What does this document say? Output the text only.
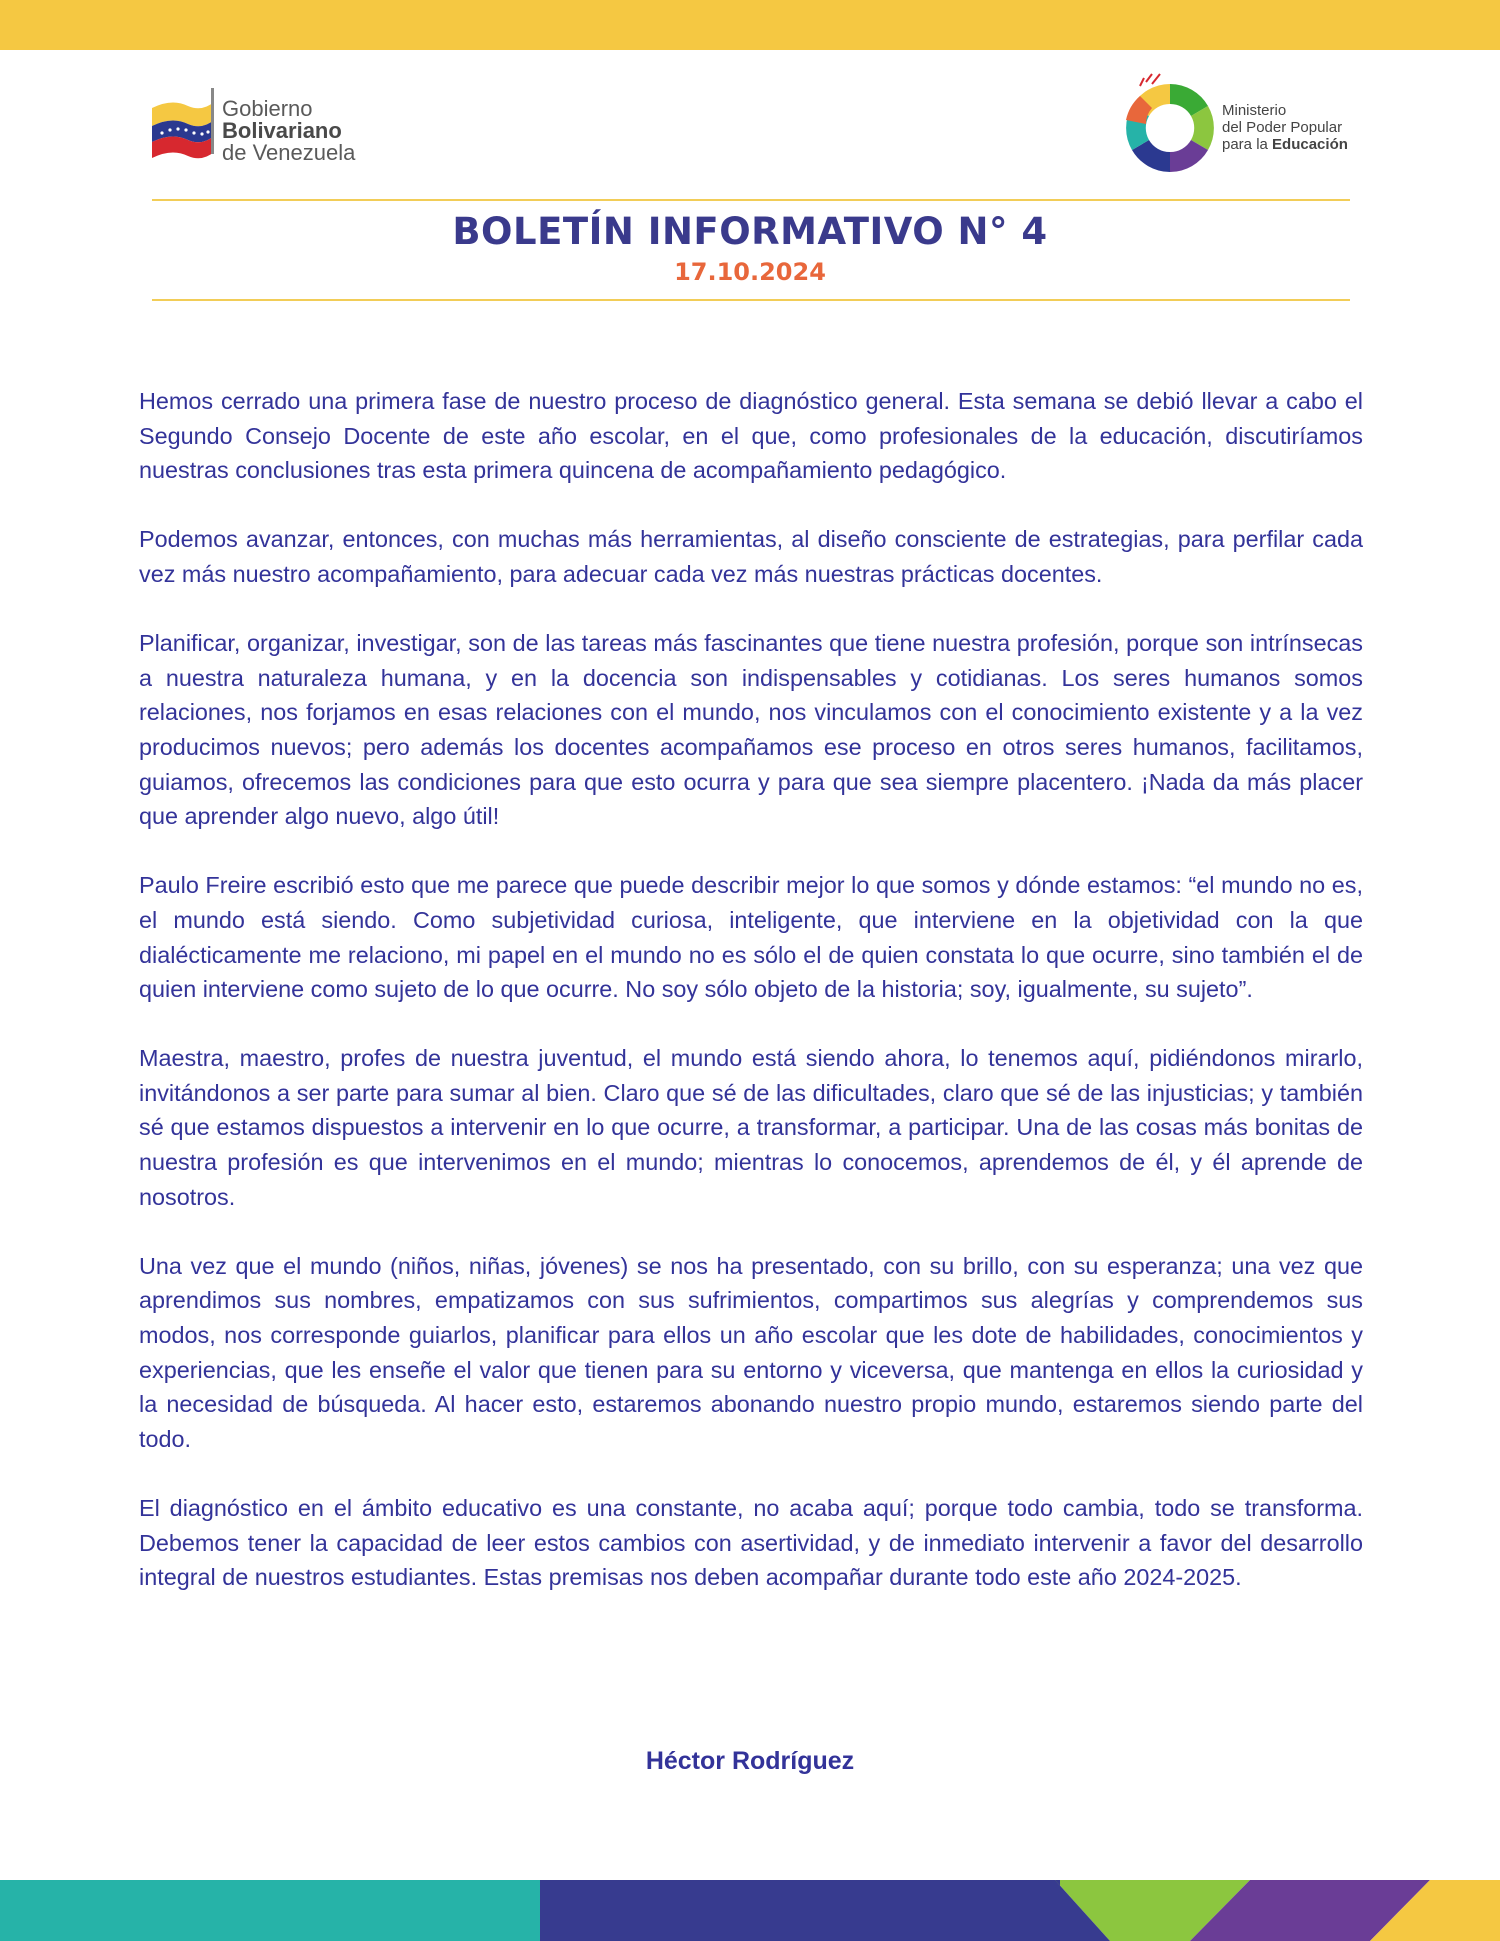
Gobierno
Bolivariano
de Venezuela
Ministerio
del Poder Popular
para la Educación
BOLETÍN INFORMATIVO N° 4
17.10.2024

Hemos cerrado una primera fase de nuestro proceso de diagnóstico general. Esta semana se debió llevar a cabo el Segundo Consejo Docente de este año escolar, en el que, como profesionales de la educación, discutiríamos nuestras conclusiones tras esta primera quincena de acompañamiento pedagógico.

Podemos avanzar, entonces, con muchas más herramientas, al diseño consciente de estrategias, para perfilar cada vez más nuestro acompañamiento, para adecuar cada vez más nuestras prácticas docentes.

Planificar, organizar, investigar, son de las tareas más fascinantes que tiene nuestra profesión, porque son intrínsecas a nuestra naturaleza humana, y en la docencia son indispensables y cotidianas. Los seres humanos somos relaciones, nos forjamos en esas relaciones con el mundo, nos vinculamos con el conocimiento existente y a la vez producimos nuevos; pero además los docentes acompañamos ese proceso en otros seres humanos, facilitamos, guiamos, ofrecemos las condiciones para que esto ocurra y para que sea siempre placentero. ¡Nada da más placer que aprender algo nuevo, algo útil!

Paulo Freire escribió esto que me parece que puede describir mejor lo que somos y dónde estamos: “el mundo no es, el mundo está siendo. Como subjetividad curiosa, inteligente, que interviene en la objetividad con la que dialécticamente me relaciono, mi papel en el mundo no es sólo el de quien constata lo que ocurre, sino también el de quien interviene como sujeto de lo que ocurre. No soy sólo objeto de la historia; soy, igualmente, su sujeto”.

Maestra, maestro, profes de nuestra juventud, el mundo está siendo ahora, lo tenemos aquí, pidiéndonos mirarlo, invitándonos a ser parte para sumar al bien. Claro que sé de las dificultades, claro que sé de las injusticias; y también sé que estamos dispuestos a intervenir en lo que ocurre, a transformar, a participar. Una de las cosas más bonitas de nuestra profesión es que intervenimos en el mundo; mientras lo conocemos, aprendemos de él, y él aprende de nosotros.

Una vez que el mundo (niños, niñas, jóvenes) se nos ha presentado, con su brillo, con su esperanza; una vez que aprendimos sus nombres, empatizamos con sus sufrimientos, compartimos sus alegrías y comprendemos sus modos, nos corresponde guiarlos, planificar para ellos un año escolar que les dote de habilidades, conocimientos y experiencias, que les enseñe el valor que tienen para su entorno y viceversa, que mantenga en ellos la curiosidad y la necesidad de búsqueda. Al hacer esto, estaremos abonando nuestro propio mundo, estaremos siendo parte del todo.

El diagnóstico en el ámbito educativo es una constante, no acaba aquí; porque todo cambia, todo se transforma. Debemos tener la capacidad de leer estos cambios con asertividad, y de inmediato intervenir a favor del desarrollo integral de nuestros estudiantes. Estas premisas nos deben acompañar durante todo este año 2024-2025.

Héctor Rodríguez
